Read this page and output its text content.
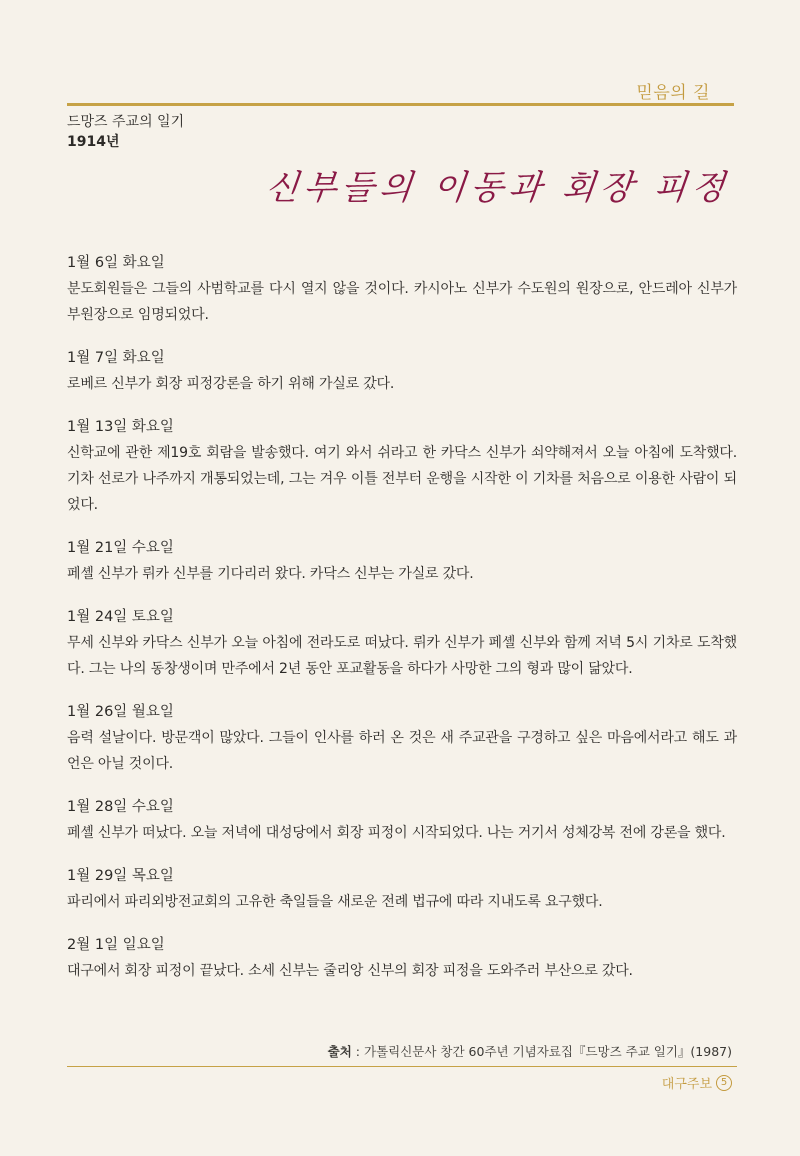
믿음의 길
드망즈 주교의 일기
1914년
신부들의 이동과 회장 피정
1월 6일 화요일
분도회원들은 그들의 사범학교를 다시 열지 않을 것이다. 카시아노 신부가 수도원의 원장으로, 안드레아 신부가 부원장으로 임명되었다.
1월 7일 화요일
로베르 신부가 회장 피정강론을 하기 위해 가실로 갔다.
1월 13일 화요일
신학교에 관한 제19호 회람을 발송했다. 여기 와서 쉬라고 한 카닥스 신부가 쇠약해져서 오늘 아침에 도착했다. 기차 선로가 나주까지 개통되었는데, 그는 겨우 이틀 전부터 운행을 시작한 이 기차를 처음으로 이용한 사람이 되었다.
1월 21일 수요일
페셸 신부가 뤼카 신부를 기다리러 왔다. 카닥스 신부는 가실로 갔다.
1월 24일 토요일
무세 신부와 카닥스 신부가 오늘 아침에 전라도로 떠났다. 뤼카 신부가 페셸 신부와 함께 저녁 5시 기차로 도착했다. 그는 나의 동창생이며 만주에서 2년 동안 포교활동을 하다가 사망한 그의 형과 많이 닮았다.
1월 26일 월요일
음력 설날이다. 방문객이 많았다. 그들이 인사를 하러 온 것은 새 주교관을 구경하고 싶은 마음에서라고 해도 과언은 아닐 것이다.
1월 28일 수요일
페셸 신부가 떠났다. 오늘 저녁에 대성당에서 회장 피정이 시작되었다. 나는 거기서 성체강복 전에 강론을 했다.
1월 29일 목요일
파리에서 파리외방전교회의 고유한 축일들을 새로운 전례 법규에 따라 지내도록 요구했다.
2월 1일 일요일
대구에서 회장 피정이 끝났다. 소세 신부는 줄리앙 신부의 회장 피정을 도와주러 부산으로 갔다.
출처 : 가톨릭신문사 창간 60주년 기념자료집『드망즈 주교 일기』(1987)
대구주보 5
